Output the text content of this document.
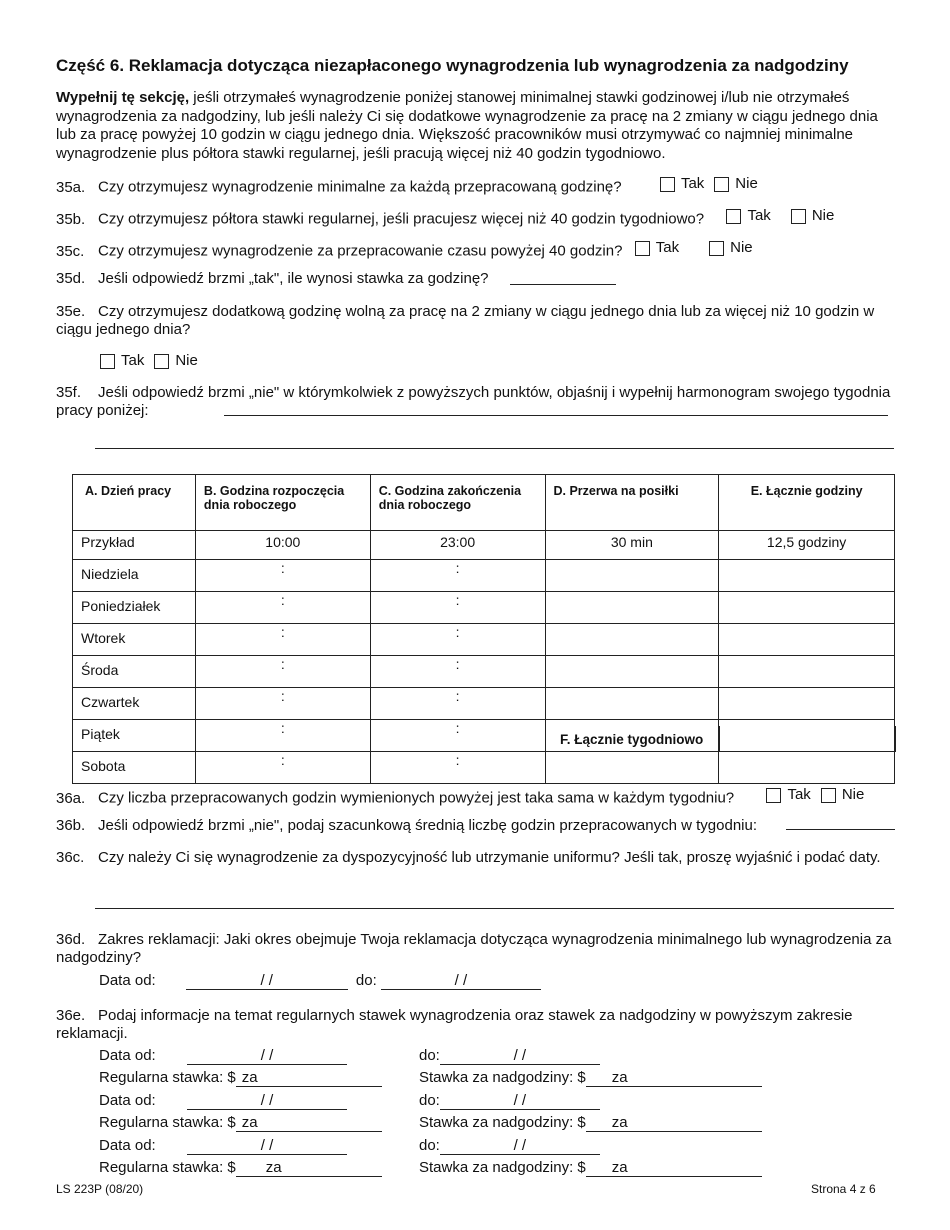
Część 6. Reklamacja dotycząca niezapłaconego wynagrodzenia lub wynagrodzenia za nadgodziny
Wypełnij tę sekcję, jeśli otrzymałeś wynagrodzenie poniżej stanowej minimalnej stawki godzinowej i/lub nie otrzymałeś wynagrodzenia za nadgodziny, lub jeśli należy Ci się dodatkowe wynagrodzenie za pracę na 2 zmiany w ciągu jednego dnia lub za pracę powyżej 10 godzin w ciągu jednego dnia. Większość pracowników musi otrzymywać co najmniej minimalne wynagrodzenie plus półtora stawki regularnej, jeśli pracują więcej niż 40 godzin tygodniowo.
35a. Czy otrzymujesz wynagrodzenie minimalne za każdą przepracowaną godzinę?	Tak Nie
35b. Czy otrzymujesz półtora stawki regularnej, jeśli pracujesz więcej niż 40 godzin tygodniowo?	Tak	Nie
35c. Czy otrzymujesz wynagrodzenie za przepracowanie czasu powyżej 40 godzin? Tak	Nie
35d. Jeśli odpowiedź brzmi „tak", ile wynosi stawka za godzinę?
35e. Czy otrzymujesz dodatkową godzinę wolną za pracę na 2 zmiany w ciągu jednego dnia lub za więcej niż 10 godzin w ciągu jednego dnia?
Tak Nie
35f. Jeśli odpowiedź brzmi „nie" w którymkolwiek z powyższych punktów, objaśnij i wypełnij harmonogram swojego tygodnia pracy poniżej:
A. Dzień pracy	B. Godzina rozpoczęcia dnia roboczego	C. Godzina zakończenia dnia roboczego	D. Przerwa na posiłki	E. Łącznie godziny
Przykład	10:00	23:00	30 min	12,5 godziny
Niedziela	:	:		
Poniedziałek	:	:		
Wtorek	:	:		
Środa	:	:		
Czwartek	:	:		
Piątek	:	:		
Sobota	:	:		
F. Łącznie tygodniowo
36a. Czy liczba przepracowanych godzin wymienionych powyżej jest taka sama w każdym tygodniu?	Tak Nie
36b. Jeśli odpowiedź brzmi „nie", podaj szacunkową średnią liczbę godzin przepracowanych w tygodniu:
36c. Czy należy Ci się wynagrodzenie za dyspozycyjność lub utrzymanie uniformu? Jeśli tak, proszę wyjaśnić i podać daty.
36d. Zakres reklamacji: Jaki okres obejmuje Twoja reklamacja dotycząca wynagrodzenia minimalnego lub wynagrodzenia za nadgodziny?
Data od:	/ /	do:	/ /
36e. Podaj informacje na temat regularnych stawek wynagrodzenia oraz stawek za nadgodziny w powyższym zakresie reklamacji.
Data od:	/ /	do:	/ /
Regularna stawka: $ za	Stawka za nadgodziny: $ za
Data od:	/ /	do:	/ /
Regularna stawka: $ za	Stawka za nadgodziny: $ za
Data od:	/ /	do:	/ /
Regularna stawka: $ za	Stawka za nadgodziny: $ za
LS 223P (08/20)	Strona 4 z 6
